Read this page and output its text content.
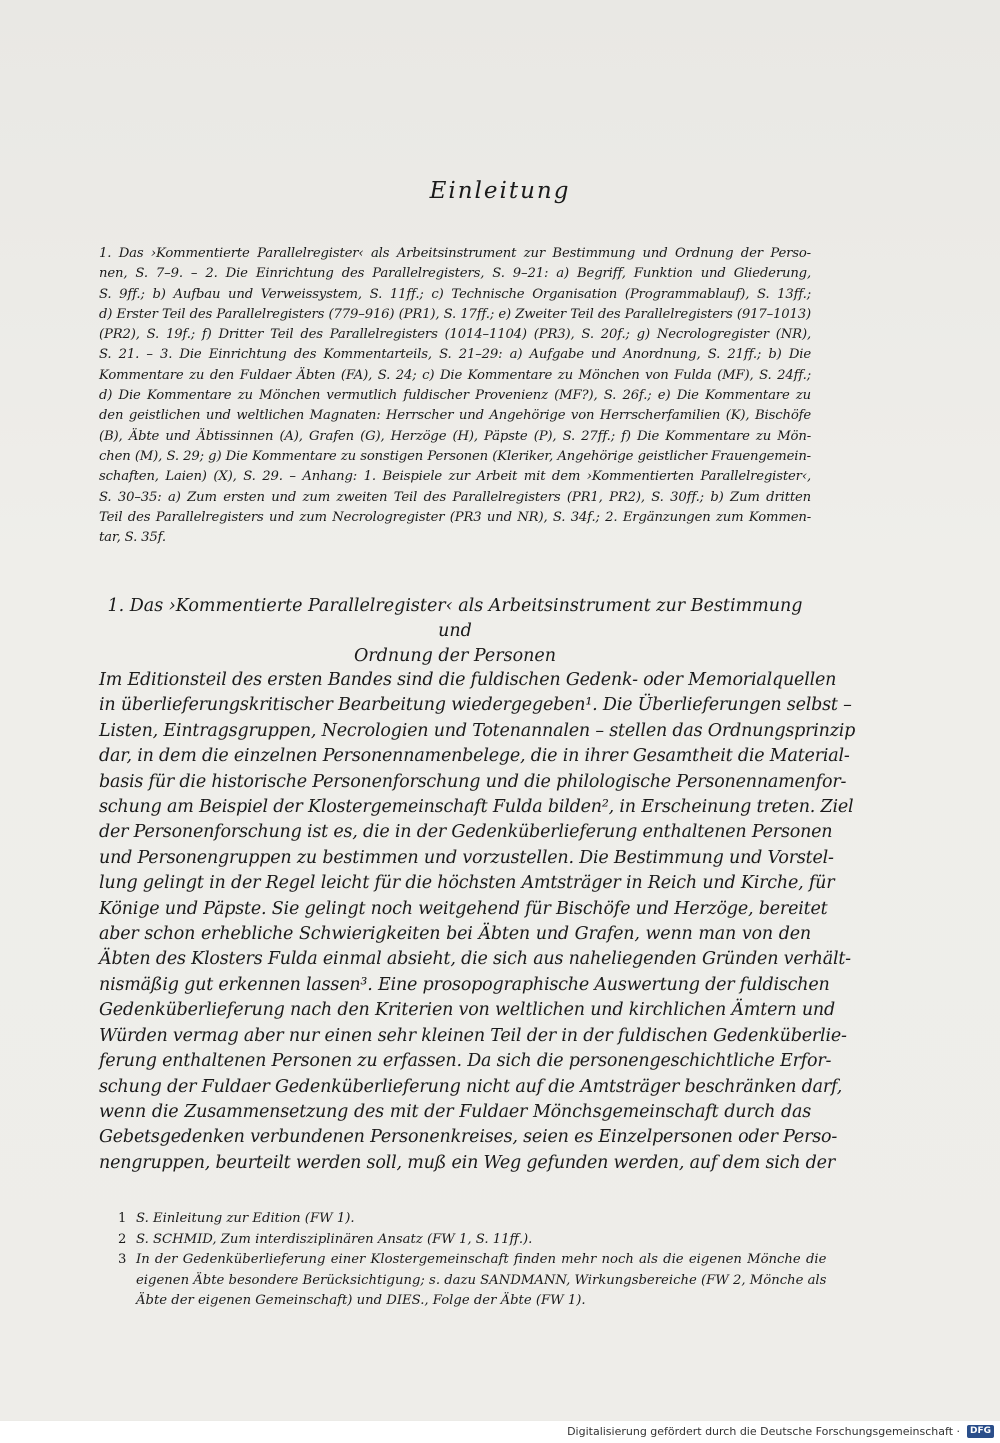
Einleitung
1. Das ›Kommentierte Parallelregister‹ als Arbeitsinstrument zur Bestimmung und Ordnung der Perso-
nen, S. 7–9. – 2. Die Einrichtung des Parallelregisters, S. 9–21: a) Begriff, Funktion und Gliederung,
S. 9ff.; b) Aufbau und Verweissystem, S. 11ff.; c) Technische Organisation (Programmablauf), S. 13ff.;
d) Erster Teil des Parallelregisters (779–916) (PR1), S. 17ff.; e) Zweiter Teil des Parallelregisters (917–1013)
(PR2), S. 19f.; f) Dritter Teil des Parallelregisters (1014–1104) (PR3), S. 20f.; g) Necrologregister (NR),
S. 21. – 3. Die Einrichtung des Kommentarteils, S. 21–29: a) Aufgabe und Anordnung, S. 21ff.; b) Die
Kommentare zu den Fuldaer Äbten (FA), S. 24; c) Die Kommentare zu Mönchen von Fulda (MF), S. 24ff.;
d) Die Kommentare zu Mönchen vermutlich fuldischer Provenienz (MF?), S. 26f.; e) Die Kommentare zu
den geistlichen und weltlichen Magnaten: Herrscher und Angehörige von Herrscherfamilien (K), Bischöfe
(B), Äbte und Äbtissinnen (A), Grafen (G), Herzöge (H), Päpste (P), S. 27ff.; f) Die Kommentare zu Mön-
chen (M), S. 29; g) Die Kommentare zu sonstigen Personen (Kleriker, Angehörige geistlicher Frauengemein-
schaften, Laien) (X), S. 29. – Anhang: 1. Beispiele zur Arbeit mit dem ›Kommentierten Parallelregister‹,
S. 30–35: a) Zum ersten und zum zweiten Teil des Parallelregisters (PR1, PR2), S. 30ff.; b) Zum dritten
Teil des Parallelregisters und zum Necrologregister (PR3 und NR), S. 34f.; 2. Ergänzungen zum Kommen-
tar, S. 35f.
1. Das ›Kommentierte Parallelregister‹ als Arbeitsinstrument zur Bestimmung und
Ordnung der Personen
Im Editionsteil des ersten Bandes sind die fuldischen Gedenk- oder Memorialquellen
in überlieferungskritischer Bearbeitung wiedergegeben¹. Die Überlieferungen selbst –
Listen, Eintragsgruppen, Necrologien und Totenannalen – stellen das Ordnungsprinzip
dar, in dem die einzelnen Personennamenbelege, die in ihrer Gesamtheit die Material-
basis für die historische Personenforschung und die philologische Personennamenfor-
schung am Beispiel der Klostergemeinschaft Fulda bilden², in Erscheinung treten. Ziel
der Personenforschung ist es, die in der Gedenküberlieferung enthaltenen Personen
und Personengruppen zu bestimmen und vorzustellen. Die Bestimmung und Vorstel-
lung gelingt in der Regel leicht für die höchsten Amtsträger in Reich und Kirche, für
Könige und Päpste. Sie gelingt noch weitgehend für Bischöfe und Herzöge, bereitet
aber schon erhebliche Schwierigkeiten bei Äbten und Grafen, wenn man von den
Äbten des Klosters Fulda einmal absieht, die sich aus naheliegenden Gründen verhält-
nismäßig gut erkennen lassen³. Eine prosopographische Auswertung der fuldischen
Gedenküberlieferung nach den Kriterien von weltlichen und kirchlichen Ämtern und
Würden vermag aber nur einen sehr kleinen Teil der in der fuldischen Gedenküberlie-
ferung enthaltenen Personen zu erfassen. Da sich die personengeschichtliche Erfor-
schung der Fuldaer Gedenküberlieferung nicht auf die Amtsträger beschränken darf,
wenn die Zusammensetzung des mit der Fuldaer Mönchsgemeinschaft durch das
Gebetsgedenken verbundenen Personenkreises, seien es Einzelpersonen oder Perso-
nengruppen, beurteilt werden soll, muß ein Weg gefunden werden, auf dem sich der
1 S. Einleitung zur Edition (FW 1).
2 S. SCHMID, Zum interdisziplinären Ansatz (FW 1, S. 11ff.).
3 In der Gedenküberlieferung einer Klostergemeinschaft finden mehr noch als die eigenen Mönche die
eigenen Äbte besondere Berücksichtigung; s. dazu SANDMANN, Wirkungsbereiche (FW 2, Mönche als
Äbte der eigenen Gemeinschaft) und DIES., Folge der Äbte (FW 1).
Digitalisierung gefördert durch die Deutsche Forschungsgemeinschaft ·	DFG
